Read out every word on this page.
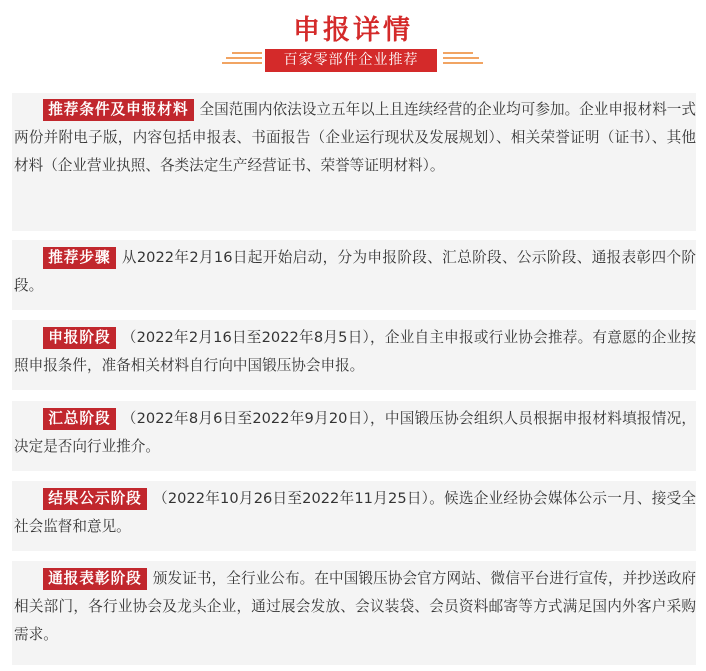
申报详情
百家零部件企业推荐

推荐条件及申报材料 全国范围内依法设立五年以上且连续经营的企业均可参加。企业申报材料一式两份并附电子版，内容包括申报表、书面报告（企业运行现状及发展规划）、相关荣誉证明（证书）、其他材料（企业营业执照、各类法定生产经营证书、荣誉等证明材料）。

推荐步骤 从2022年2月16日起开始启动，分为申报阶段、汇总阶段、公示阶段、通报表彰四个阶段。

申报阶段 （2022年2月16日至2022年8月5日），企业自主申报或行业协会推荐。有意愿的企业按照申报条件，准备相关材料自行向中国锻压协会申报。

汇总阶段 （2022年8月6日至2022年9月20日），中国锻压协会组织人员根据申报材料填报情况，决定是否向行业推介。

结果公示阶段 （2022年10月26日至2022年11月25日）。候选企业经协会媒体公示一月、接受全社会监督和意见。

通报表彰阶段 颁发证书，全行业公布。在中国锻压协会官方网站、微信平台进行宣传，并抄送政府相关部门，各行业协会及龙头企业，通过展会发放、会议装袋、会员资料邮寄等方式满足国内外客户采购需求。
